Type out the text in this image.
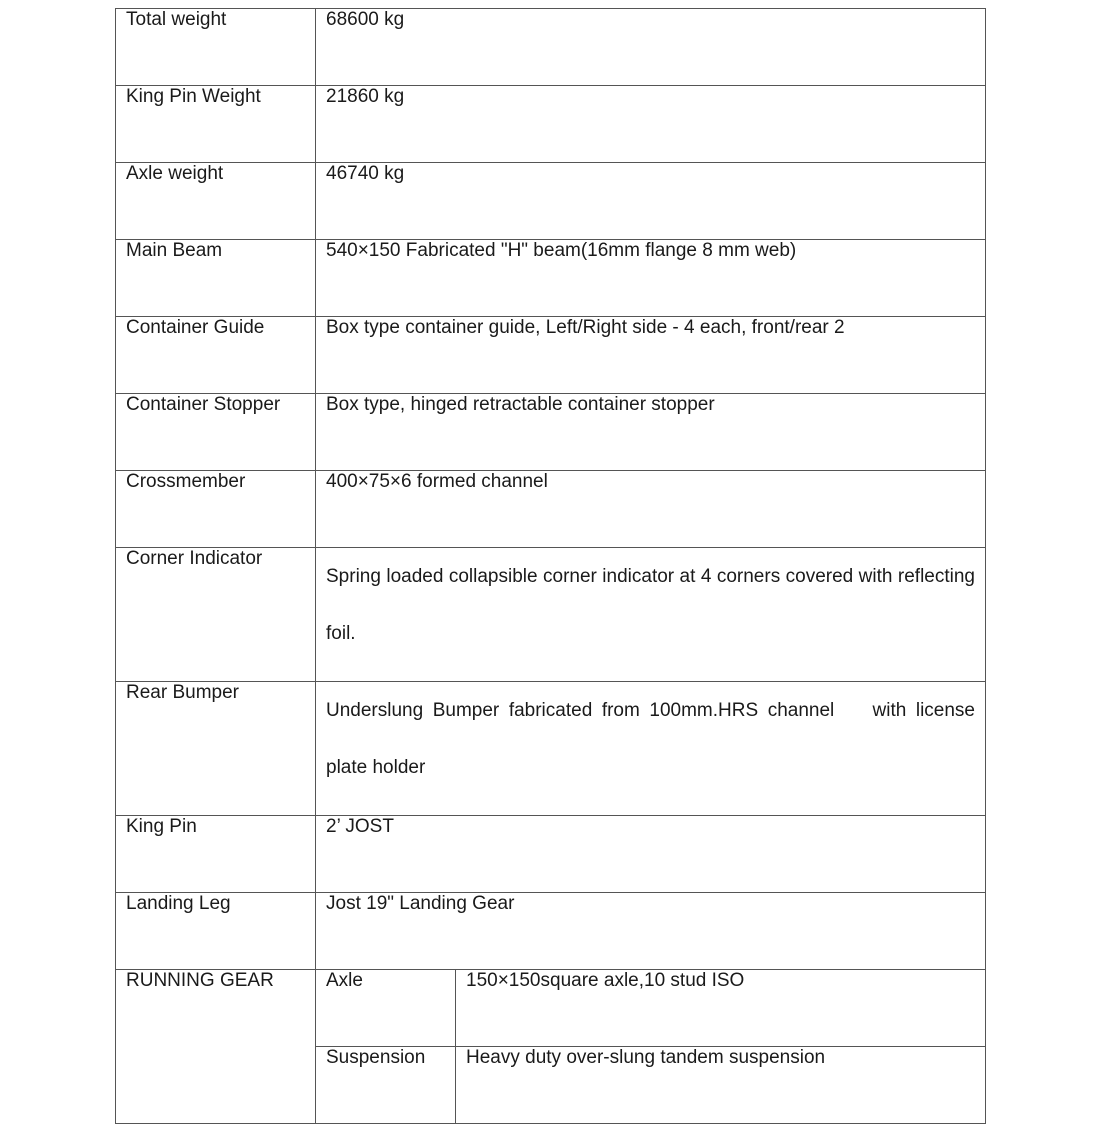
Total weight	68600 kg	
King Pin Weight	21860 kg	
Axle weight	46740 kg	
Main Beam	540×150 Fabricated "H" beam(16mm flange 8 mm web)	
Container Guide	Box type container guide, Left/Right side - 4 each, front/rear 2	
Container Stopper	Box type, hinged retractable container stopper	
Crossmember	400×75×6 formed channel	
Corner Indicator	Spring loaded collapsible corner indicator at 4 corners covered with reflecting foil.	

Rear Bumper	Underslung Bumper fabricated from 100mm.HRS channel    with license plate holder	

King Pin	2’ JOST	
Landing Leg	Jost 19" Landing Gear	
RUNNING GEAR	Axle	150×150square axle,10 stud ISO
	Suspension	Heavy duty over-slung tandem suspension
